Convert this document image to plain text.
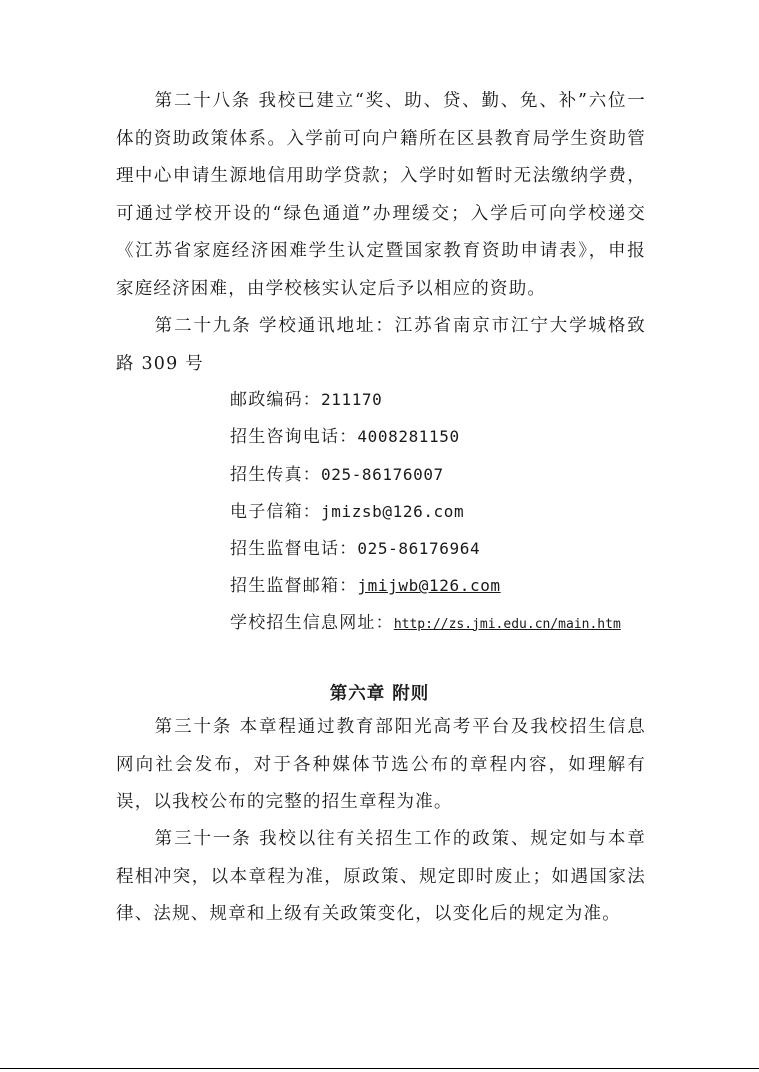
第二十八条 我校已建立“奖、助、贷、勤、免、补”六位一体的资助政策体系。入学前可向户籍所在区县教育局学生资助管理中心申请生源地信用助学贷款；入学时如暂时无法缴纳学费，可通过学校开设的“绿色通道”办理缓交；入学后可向学校递交《江苏省家庭经济困难学生认定暨国家教育资助申请表》，申报家庭经济困难，由学校核实认定后予以相应的资助。

第二十九条 学校通讯地址：江苏省南京市江宁大学城格致路 309 号

邮政编码：211170
招生咨询电话：4008281150
招生传真：025-86176007
电子信箱：jmizsb@126.com
招生监督电话：025-86176964
招生监督邮箱：jmijwb@126.com
学校招生信息网址：http://zs.jmi.edu.cn/main.htm
第六章 附则

第三十条 本章程通过教育部阳光高考平台及我校招生信息网向社会发布，对于各种媒体节选公布的章程内容，如理解有误，以我校公布的完整的招生章程为准。

第三十一条 我校以往有关招生工作的政策、规定如与本章程相冲突，以本章程为准，原政策、规定即时废止；如遇国家法律、法规、规章和上级有关政策变化，以变化后的规定为准。
